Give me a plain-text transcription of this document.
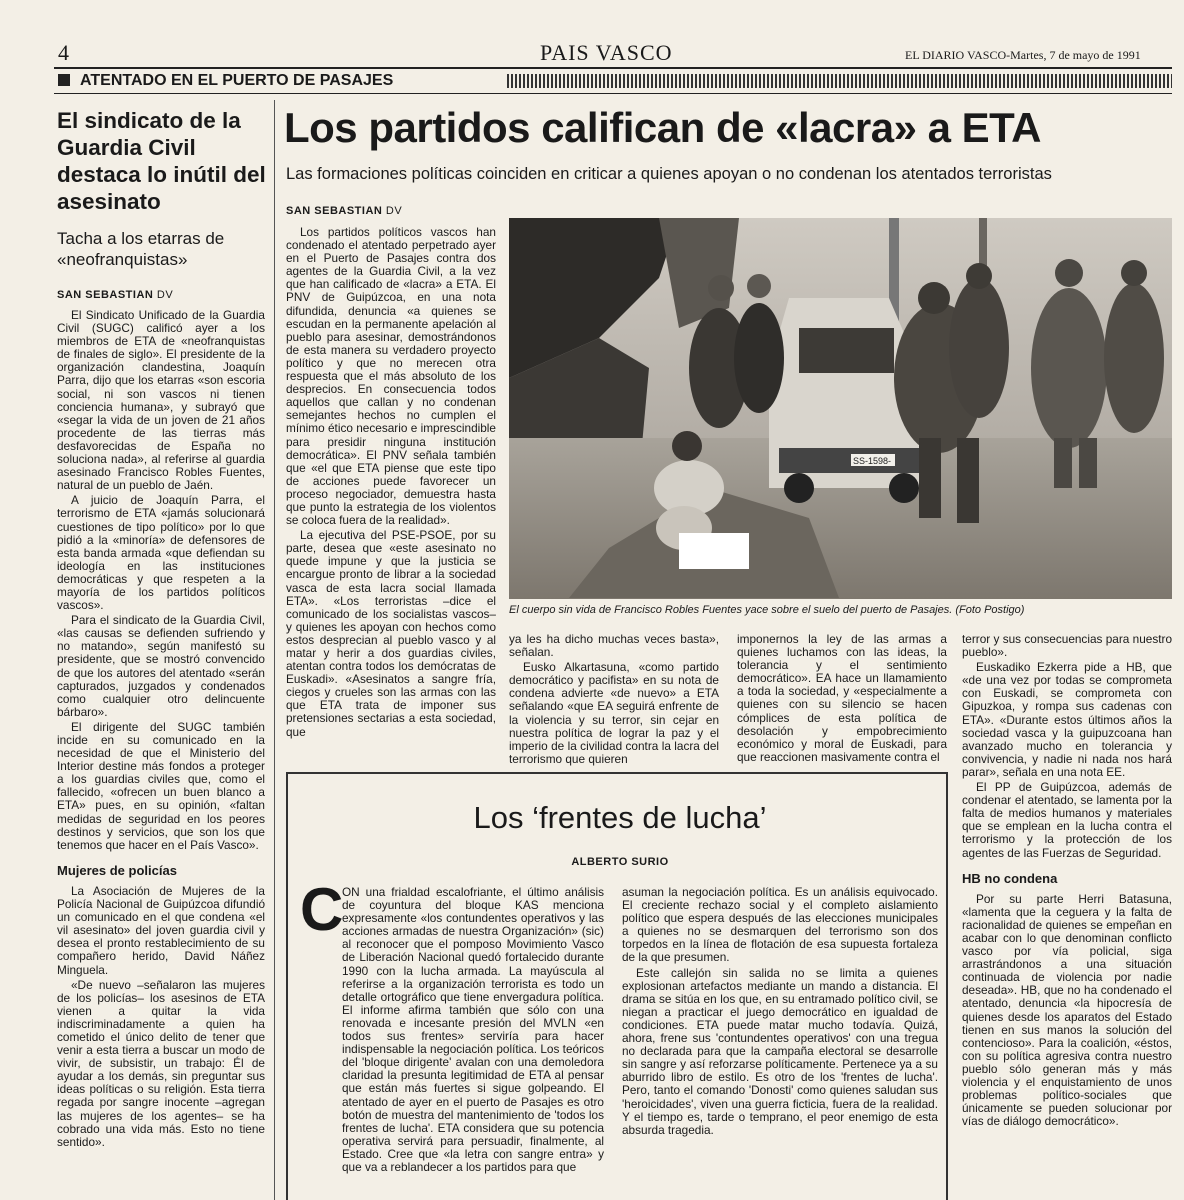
4	PAIS VASCO	EL DIARIO VASCO-Martes, 7 de mayo de 1991
ATENTADO EN EL PUERTO DE PASAJES
El sindicato de la Guardia Civil destaca lo inútil del asesinato
Tacha a los etarras de «neofranquistas»
SAN SEBASTIAN DV

El Sindicato Unificado de la Guardia Civil (SUGC) calificó ayer a los miembros de ETA de «neofranquistas de finales de siglo». El presidente de la organización clandestina, Joaquín Parra, dijo que los etarras «son escoria social, ni son vascos ni tienen conciencia humana», y subrayó que «segar la vida de un joven de 21 años procedente de las tierras más desfavorecidas de España no soluciona nada», al referirse al guardia asesinado Francisco Robles Fuentes, natural de un pueblo de Jaén.

A juicio de Joaquín Parra, el terrorismo de ETA «jamás solucionará cuestiones de tipo político» por lo que pidió a la «minoría» de defensores de esta banda armada «que defiendan su ideología en las instituciones democráticas y que respeten a la mayoría de los partidos políticos vascos».

Para el sindicato de la Guardia Civil, «las causas se defienden sufriendo y no matando», según manifestó su presidente, que se mostró convencido de que los autores del atentado «serán capturados, juzgados y condenados como cualquier otro delincuente bárbaro».

El dirigente del SUGC también incide en su comunicado en la necesidad de que el Ministerio del Interior destine más fondos a proteger a los guardias civiles que, como el fallecido, «ofrecen un buen blanco a ETA» pues, en su opinión, «faltan medidas de seguridad en los peores destinos y servicios, que son los que tenemos que hacer en el País Vasco».

Mujeres de policías

La Asociación de Mujeres de la Policía Nacional de Guipúzcoa difundió un comunicado en el que condena «el vil asesinato» del joven guardia civil y desea el pronto restablecimiento de su compañero herido, David Náñez Minguela.

«De nuevo –señalaron las mujeres de los policías– los asesinos de ETA vienen a quitar la vida indiscriminadamente a quien ha cometido el único delito de tener que venir a esta tierra a buscar un modo de vivir, de subsistir, un trabajo: Él de ayudar a los demás, sin preguntar sus ideas políticas o su religión. Esta tierra regada por sangre inocente –agregan las mujeres de los agentes– se ha cobrado una vida más. Esto no tiene sentido».

Los partidos califican de «lacra» a ETA
Las formaciones políticas coinciden en criticar a quienes apoyan o no condenan los atentados terroristas
SAN SEBASTIAN DV

Los partidos políticos vascos han condenado el atentado perpetrado ayer en el Puerto de Pasajes contra dos agentes de la Guardia Civil, a la vez que han calificado de «lacra» a ETA. El PNV de Guipúzcoa, en una nota difundida, denuncia «a quienes se escudan en la permanente apelación al pueblo para asesinar, demostrándonos de esta manera su verdadero proyecto político y que no merecen otra respuesta que el más absoluto de los desprecios. En consecuencia todos aquellos que callan y no condenan semejantes hechos no cumplen el mínimo ético necesario e imprescindible para presidir ninguna institución democrática». El PNV señala también que «el que ETA piense que este tipo de acciones puede favorecer un proceso negociador, demuestra hasta que punto la estrategia de los violentos se coloca fuera de la realidad».

La ejecutiva del PSE-PSOE, por su parte, desea que «este asesinato no quede impune y que la justicia se encargue pronto de librar a la sociedad vasca de esta lacra social llamada ETA». «Los terroristas –dice el comunicado de los socialistas vascos– y quienes les apoyan con hechos como estos desprecian al pueblo vasco y al matar y herir a dos guardias civiles, atentan contra todos los demócratas de Euskadi». «Asesinatos a sangre fría, ciegos y crueles son las armas con las que ETA trata de imponer sus pretensiones sectarias a esta sociedad, que

SS-1598-
El cuerpo sin vida de Francisco Robles Fuentes yace sobre el suelo del puerto de Pasajes. (Foto Postigo)

ya les ha dicho muchas veces basta», señalan.

Eusko Alkartasuna, «como partido democrático y pacifista» en su nota de condena advierte «de nuevo» a ETA señalando «que EA seguirá enfrente de la violencia y su terror, sin cejar en nuestra política de lograr la paz y el imperio de la civilidad contra la lacra del terrorismo que quieren

imponernos la ley de las armas a quienes luchamos con las ideas, la tolerancia y el sentimiento democrático». EA hace un llamamiento a toda la sociedad, y «especialmente a quienes con su silencio se hacen cómplices de esta política de desolación y empobrecimiento económico y moral de Euskadi, para que reaccionen masivamente contra el

terror y sus consecuencias para nuestro pueblo».

Euskadiko Ezkerra pide a HB, que «de una vez por todas se comprometa con Euskadi, se comprometa con Gipuzkoa, y rompa sus cadenas con ETA». «Durante estos últimos años la sociedad vasca y la guipuzcoana han avanzado mucho en tolerancia y convivencia, y nadie ni nada nos hará parar», señala en una nota EE.

El PP de Guipúzcoa, además de condenar el atentado, se lamenta por la falta de medios humanos y materiales que se emplean en la lucha contra el terrorismo y la protección de los agentes de las Fuerzas de Seguridad.

HB no condena

Por su parte Herri Batasuna, «lamenta que la ceguera y la falta de racionalidad de quienes se empeñan en acabar con lo que denominan conflicto vasco por vía policial, siga arrastrándonos a una situación continuada de violencia por nadie deseada». HB, que no ha condenado el atentado, denuncia «la hipocresía de quienes desde los aparatos del Estado tienen en sus manos la solución del contencioso». Para la coalición, «éstos, con su política agresiva contra nuestro pueblo sólo generan más y más violencia y el enquistamiento de unos problemas político-sociales que únicamente se pueden solucionar por vías de diálogo democrático».

Los ‘frentes de lucha’
ALBERTO SURIO
C

ON una frialdad escalofriante, el último análisis de coyuntura del bloque KAS menciona expresamente «los contundentes operativos y las acciones armadas de nuestra Organización» (sic) al reconocer que el pomposo Movimiento Vasco de Liberación Nacional quedó fortalecido durante 1990 con la lucha armada. La mayúscula al referirse a la organización terrorista es todo un detalle ortográfico que tiene envergadura política. El informe afirma también que sólo con una renovada e incesante presión del MVLN «en todos sus frentes» serviría para hacer indispensable la negociación política. Los teóricos del 'bloque dirigente' avalan con una demoledora claridad la presunta legitimidad de ETA al pensar que están más fuertes si sigue golpeando. El atentado de ayer en el puerto de Pasajes es otro botón de muestra del mantenimiento de 'todos los frentes de lucha'. ETA considera que su potencia operativa servirá para persuadir, finalmente, al Estado. Cree que «la letra con sangre entra» y que va a reblandecer a los partidos para que

asuman la negociación política. Es un análisis equivocado. El creciente rechazo social y el completo aislamiento político que espera después de las elecciones municipales a quienes no se desmarquen del terrorismo son dos torpedos en la línea de flotación de esa supuesta fortaleza de la que presumen.

Este callejón sin salida no se limita a quienes explosionan artefactos mediante un mando a distancia. El drama se sitúa en los que, en su entramado político civil, se niegan a practicar el juego democrático en igualdad de condiciones. ETA puede matar mucho todavía. Quizá, ahora, frene sus 'contundentes operativos' con una tregua no declarada para que la campaña electoral se desarrolle sin sangre y así reforzarse políticamente. Pertenece ya a su aburrido libro de estilo. Es otro de los 'frentes de lucha'. Pero, tanto el comando 'Donosti' como quienes saludan sus 'heroicidades', viven una guerra ficticia, fuera de la realidad. Y el tiempo es, tarde o temprano, el peor enemigo de esta absurda tragedia.
